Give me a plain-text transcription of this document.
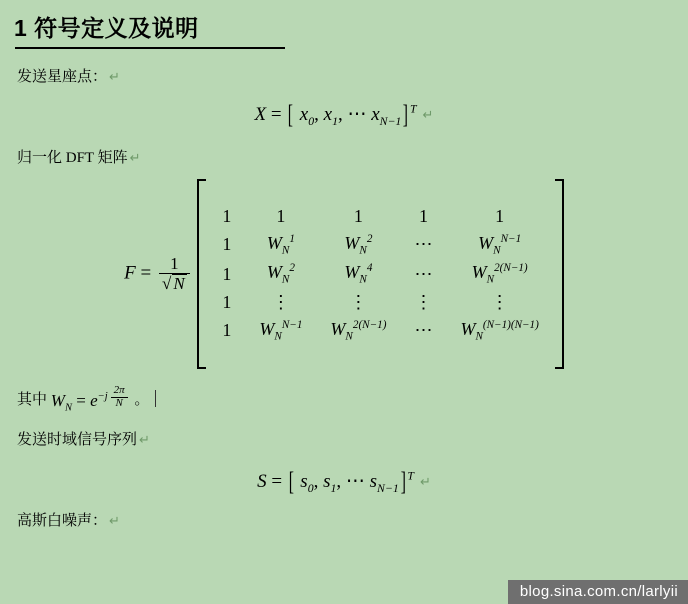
1 符号定义及说明
发送星座点： ↵
X = [ $x_0$, $x_1$, ⋯ $x_{N-1}$] $^T$ ↵
归一化 DFT 矩阵 ↵
$F = \frac{1}{√ N}$

1	1	1	1	1
1	$W_N^1$	$W_N^2$	⋯	$W_N^{N-1}$
1	$W_N^2$	$W_N^4$	⋯	$W_N^{2(N-1)}$
1	⋮	⋮	⋮	⋮
1	$W_N^{N-1}$	$W_N^{2(N-1)}$	⋯	$W_N^{(N-1)(N-1)}$
其中 $W_N = e^{-j \frac{2\pi}{N}}$ 。
发送时域信号序列 ↵
S = [ $s_0$, $s_1$, ⋯ $s_{N-1}$] $^T$ ↵
高斯白噪声： ↵
blog.sina.com.cn/larlyii
